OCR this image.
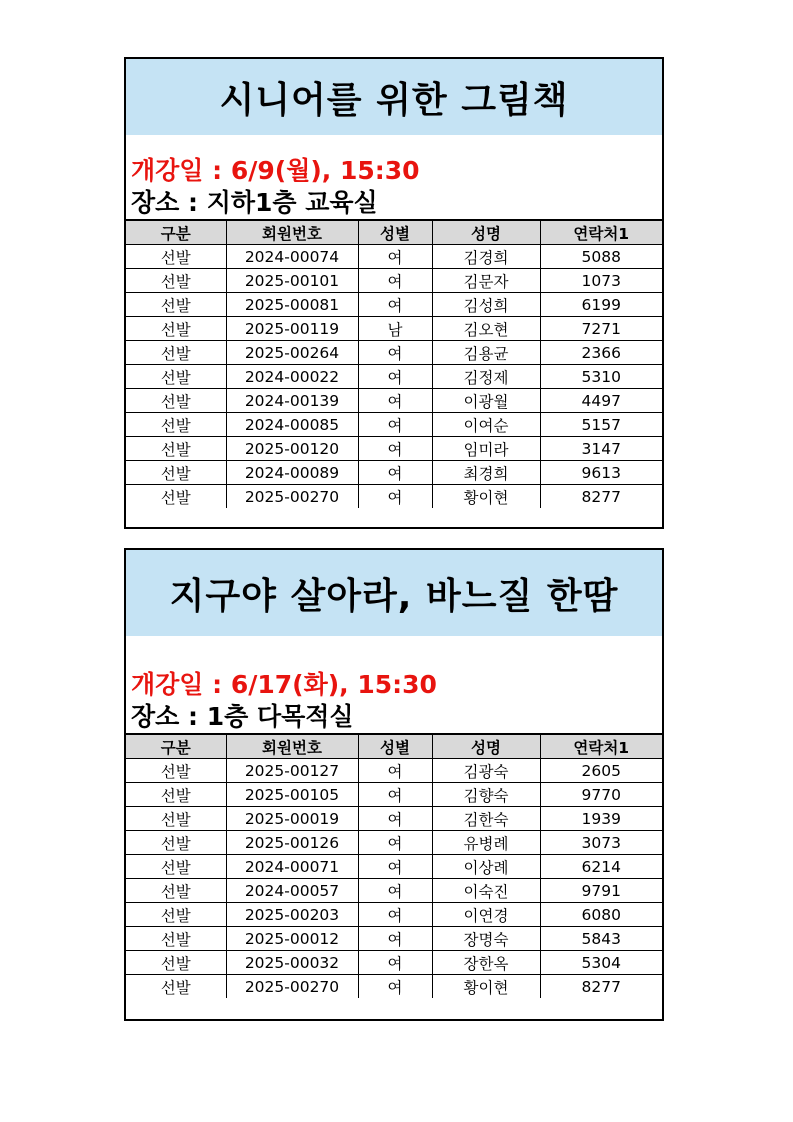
시니어를 위한 그림책
개강일 : 6/9(월), 15:30
장소 : 지하1층 교육실
구분	회원번호	성별	성명	연락처1
선발	2024-00074	여	김경희	5088
선발	2025-00101	여	김문자	1073
선발	2025-00081	여	김성희	6199
선발	2025-00119	남	김오현	7271
선발	2025-00264	여	김용균	2366
선발	2024-00022	여	김정제	5310
선발	2024-00139	여	이광월	4497
선발	2024-00085	여	이여순	5157
선발	2025-00120	여	임미라	3147
선발	2024-00089	여	최경희	9613
선발	2025-00270	여	황이현	8277
지구야 살아라, 바느질 한땀
개강일 : 6/17(화), 15:30
장소 : 1층 다목적실
구분	회원번호	성별	성명	연락처1
선발	2025-00127	여	김광숙	2605
선발	2025-00105	여	김향숙	9770
선발	2025-00019	여	김한숙	1939
선발	2025-00126	여	유병례	3073
선발	2024-00071	여	이상례	6214
선발	2024-00057	여	이숙진	9791
선발	2025-00203	여	이연경	6080
선발	2025-00012	여	장명숙	5843
선발	2025-00032	여	장한옥	5304
선발	2025-00270	여	황이현	8277
